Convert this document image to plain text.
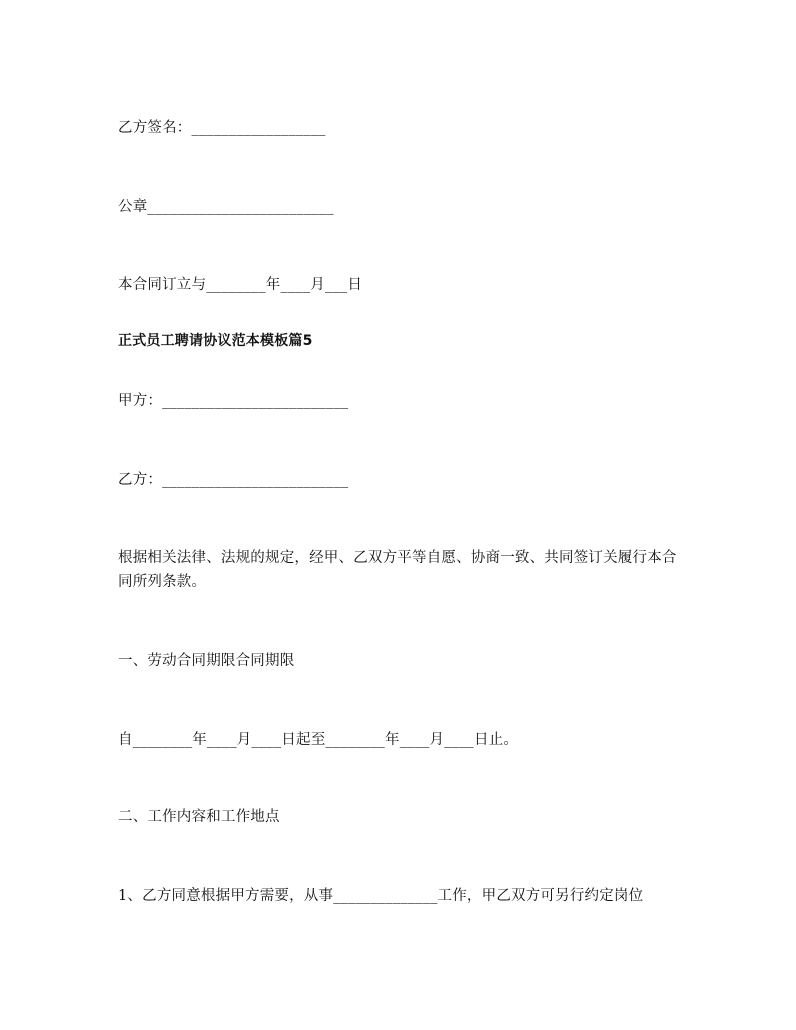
乙方签名：__________________
公章_________________________
本合同订立与________年____月___日
正式员工聘请协议范本模板篇5
甲方：_________________________
乙方：_________________________
根据相关法律、法规的规定，经甲、乙双方平等自愿、协商一致、共同签订关履行本合同所列条款。
一、劳动合同期限合同期限
自________年____月____日起至________年____月____日止。
二、工作内容和工作地点
1、乙方同意根据甲方需要，从事______________工作，甲乙双方可另行约定岗位
